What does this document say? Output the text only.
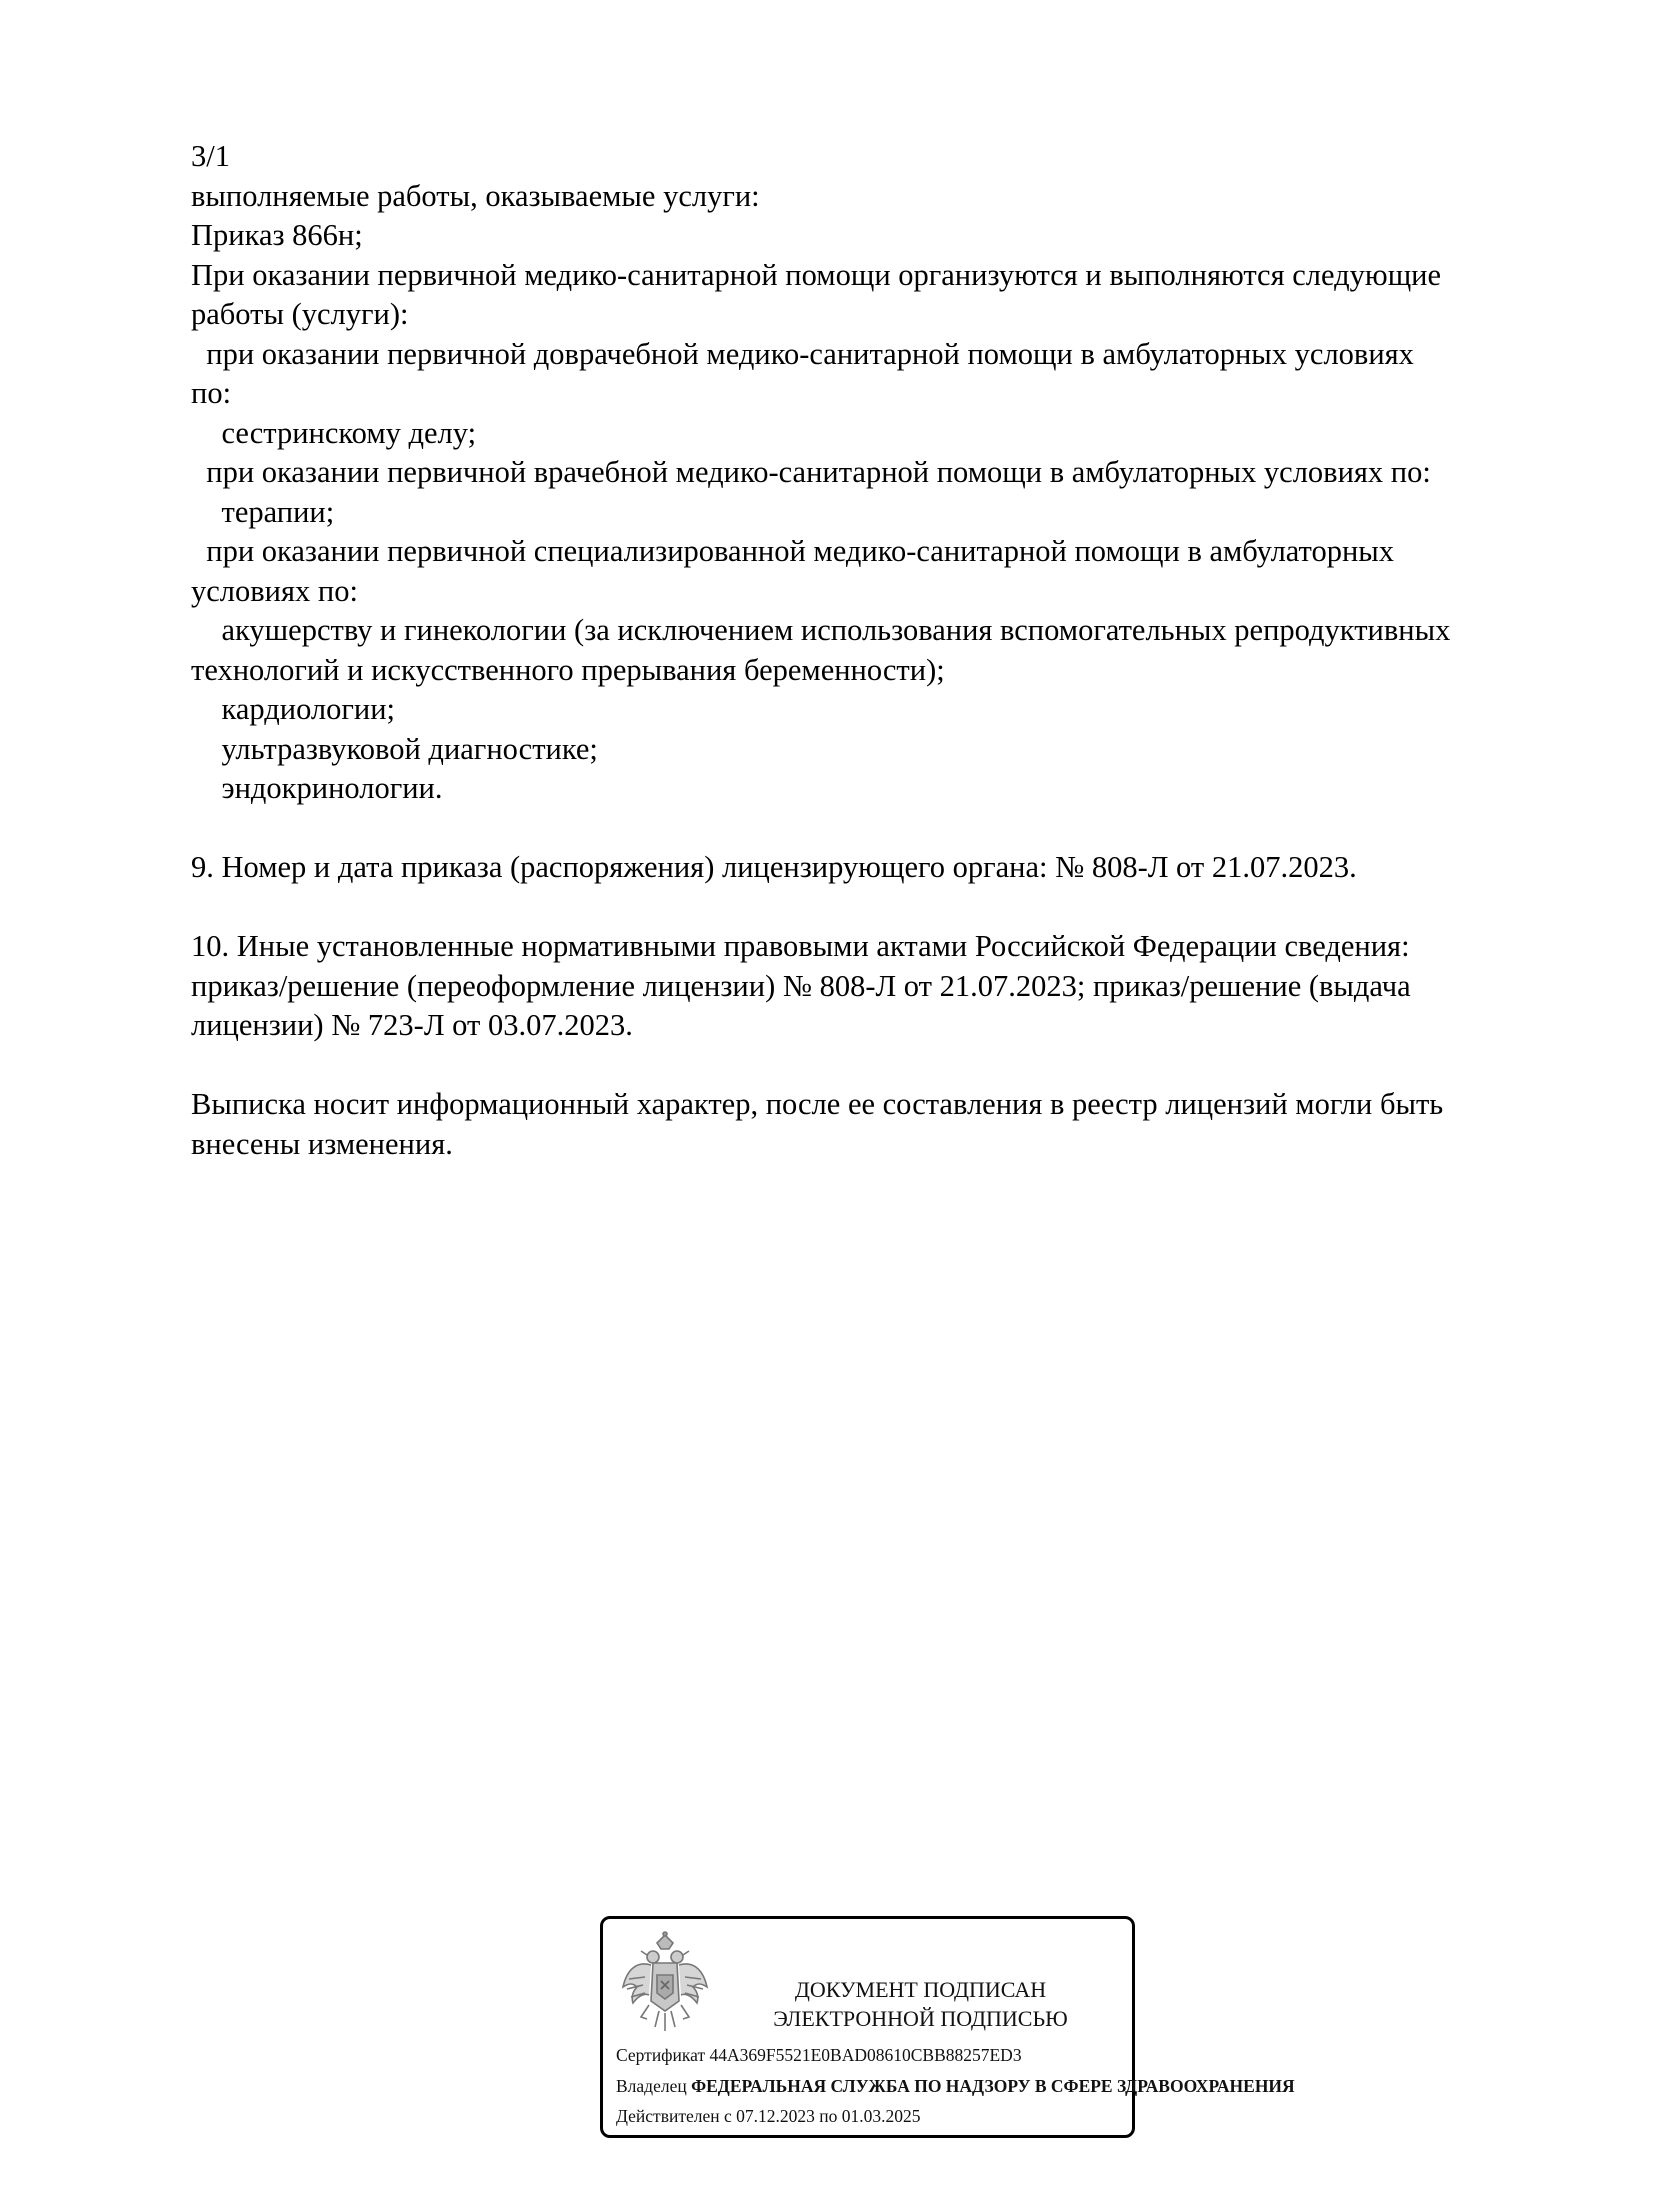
3/1
выполняемые работы, оказываемые услуги:
Приказ 866н;
При оказании первичной медико-санитарной помощи организуются и выполняются следующие
работы (услуги):
при оказании первичной доврачебной медико-санитарной помощи в амбулаторных условиях
по:
сестринскому делу;
при оказании первичной врачебной медико-санитарной помощи в амбулаторных условиях по:
терапии;
при оказании первичной специализированной медико-санитарной помощи в амбулаторных
условиях по:
акушерству и гинекологии (за исключением использования вспомогательных репродуктивных
технологий и искусственного прерывания беременности);
кардиологии;
ультразвуковой диагностике;
эндокринологии.
9. Номер и дата приказа (распоряжения) лицензирующего органа: № 808-Л от 21.07.2023.
10. Иные установленные нормативными правовыми актами Российской Федерации сведения:
приказ/решение (переоформление лицензии) № 808-Л от 21.07.2023; приказ/решение (выдача
лицензии) № 723-Л от 03.07.2023.
Выписка носит информационный характер, после ее составления в реестр лицензий могли быть
внесены изменения.
ДОКУМЕНТ ПОДПИСАН
ЭЛЕКТРОННОЙ ПОДПИСЬЮ
Сертификат 44A369F5521E0BAD08610CBB88257ED3
Владелец ФЕДЕРАЛЬНАЯ СЛУЖБА ПО НАДЗОРУ В СФЕРЕ ЗДРАВООХРАНЕНИЯ
Действителен с 07.12.2023 по 01.03.2025
